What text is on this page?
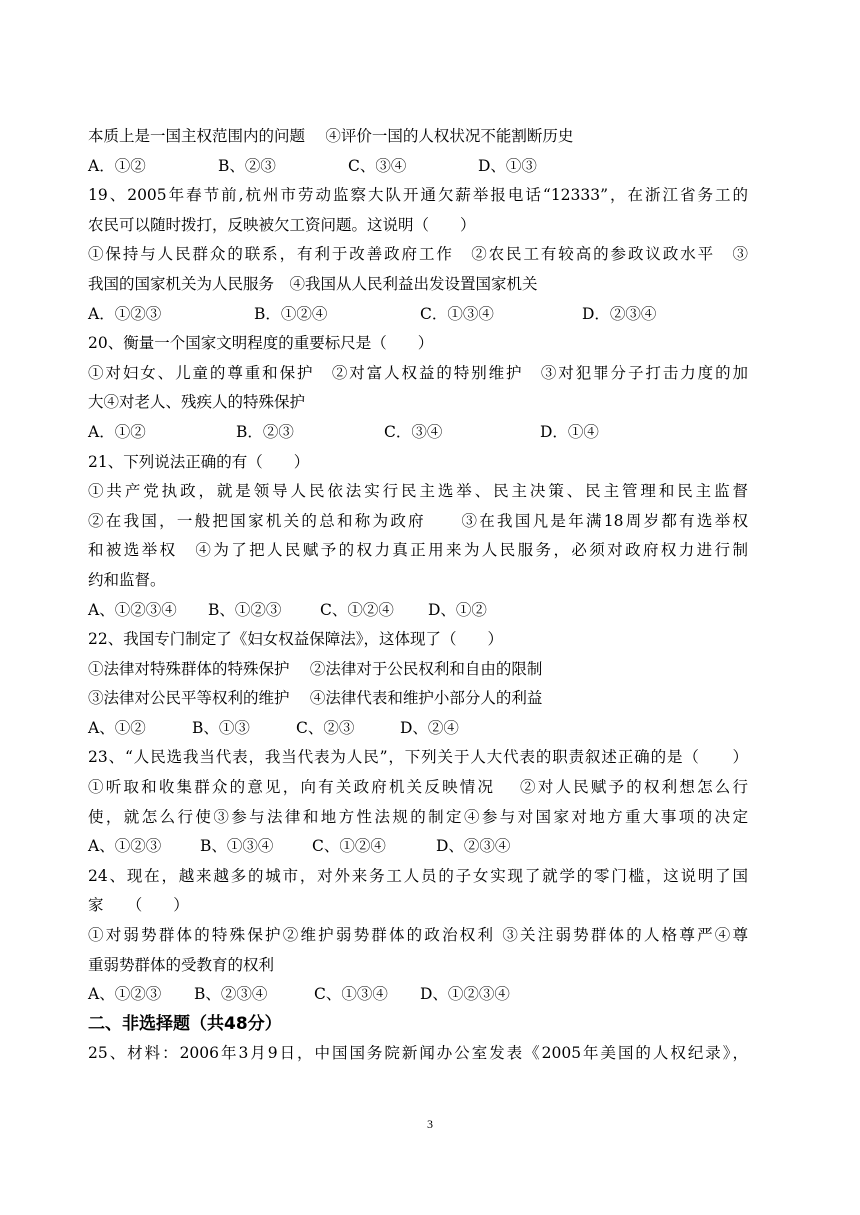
本质上是一国主权范围内的问题　 ④评价一国的人权状况不能割断历史
A．①②	B、②③	C、③④	D、①③
19、2005年春节前,杭州市劳动监察大队开通欠薪举报电话“12333”，在浙江省务工的
农民可以随时拨打，反映被欠工资问题。这说明（　　）
①保持与人民群众的联系，有利于改善政府工作　②农民工有较高的参政议政水平　③
我国的国家机关为人民服务　④我国从人民利益出发设置国家机关
A．①②③	B．①②④	C．①③④	D．②③④
20、衡量一个国家文明程度的重要标尺是（　　）
①对妇女、儿童的尊重和保护　②对富人权益的特别维护　③对犯罪分子打击力度的加
大④对老人、残疾人的特殊保护
A．①②	B．②③	C．③④	D．①④
21、下列说法正确的有（　　）
①共产党执政，就是领导人民依法实行民主选举、民主决策、民主管理和民主监督
②在我国，一般把国家机关的总和称为政府　　③在我国凡是年满18周岁都有选举权
和被选举权　④为了把人民赋予的权力真正用来为人民服务，必须对政府权力进行制
约和监督。
A、①②③④	B、①②③	C、①②④	D、①②
22、我国专门制定了《妇女权益保障法》，这体现了（　　）
①法律对特殊群体的特殊保护　 ②法律对于公民权利和自由的限制
③法律对公民平等权利的维护　 ④法律代表和维护小部分人的利益
A、①②	B、①③	C、②③	D、②④
23、“人民选我当代表，我当代表为人民”，下列关于人大代表的职责叙述正确的是（　　）
①听取和收集群众的意见，向有关政府机关反映情况　 ②对人民赋予的权利想怎么行
使，就怎么行使③参与法律和地方性法规的制定④参与对国家对地方重大事项的决定
A、①②③	B、①③④	C、①②④	D、②③④
24、现在，越来越多的城市，对外来务工人员的子女实现了就学的零门槛，这说明了国
家　　（　　）
①对弱势群体的特殊保护②维护弱势群体的政治权利 ③关注弱势群体的人格尊严④尊
重弱势群体的受教育的权利
A、①②③	B、②③④	C、①③④	D、①②③④
二、非选择题（共48分）
25、材料：2006年3月9日，中国国务院新闻办公室发表《2005年美国的人权纪录》，
3
